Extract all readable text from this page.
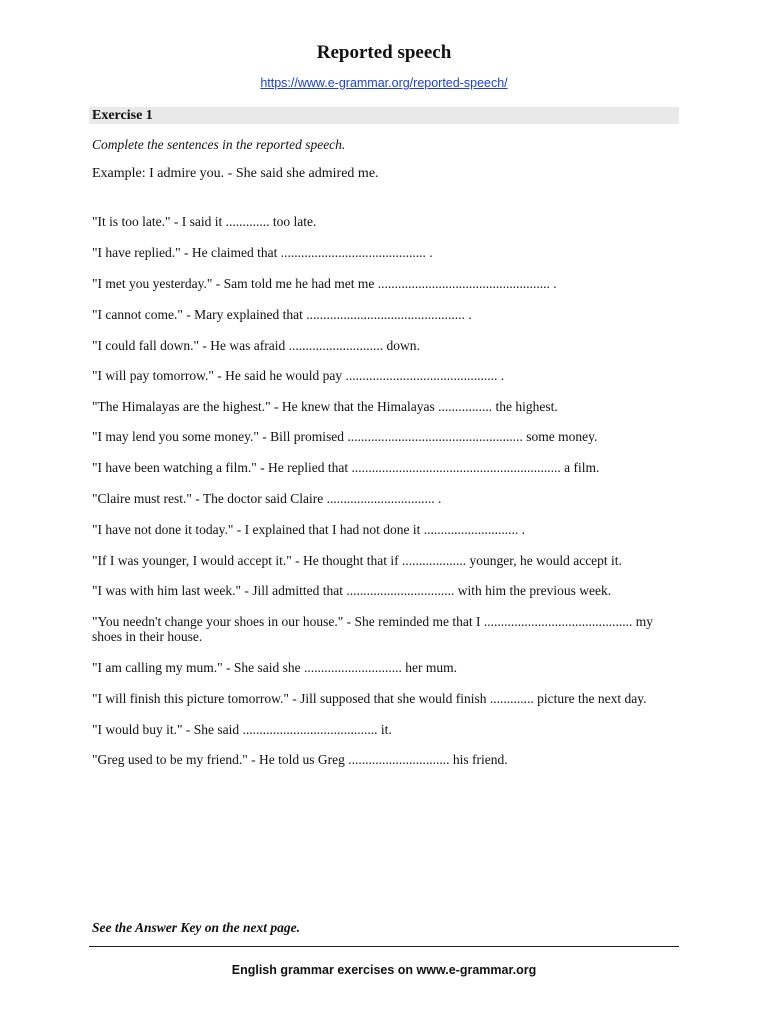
Reported speech
https://www.e-grammar.org/reported-speech/
Exercise 1
Complete the sentences in the reported speech.
Example: I admire you. - She said she admired me.
"It is too late." - I said it ............. too late.
"I have replied." - He claimed that ........................................... .
"I met you yesterday." - Sam told me he had met me ................................................... .
"I cannot come." - Mary explained that ............................................... .
"I could fall down." - He was afraid ............................ down.
"I will pay tomorrow." - He said he would pay ............................................. .
"The Himalayas are the highest." - He knew that the Himalayas ................ the highest.
"I may lend you some money." - Bill promised .................................................... some money.
"I have been watching a film." - He replied that .............................................................. a film.
"Claire must rest." - The doctor said Claire ................................ .
"I have not done it today." - I explained that I had not done it ............................ .
"If I was younger, I would accept it." - He thought that if ................... younger, he would accept it.
"I was with him last week." - Jill admitted that ................................ with him the previous week.
"You needn't change your shoes in our house." - She reminded me that I ............................................ my shoes in their house.
"I am calling my mum." - She said she ............................. her mum.
"I will finish this picture tomorrow." - Jill supposed that she would finish ............. picture the next day.
"I would buy it." - She said ........................................ it.
"Greg used to be my friend." - He told us Greg .............................. his friend.
See the Answer Key on the next page.
English grammar exercises on www.e-grammar.org
